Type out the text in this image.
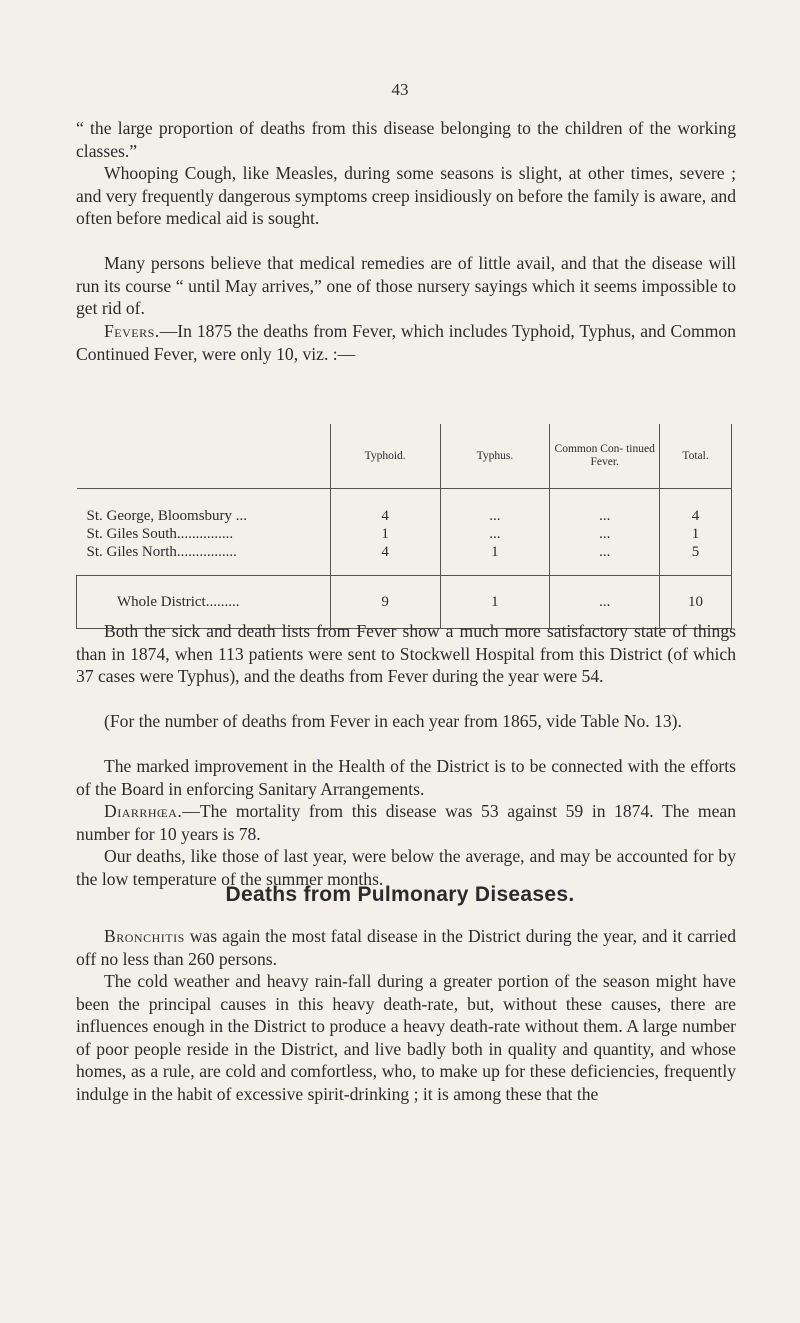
43

“ the large proportion of deaths from this disease belonging to the children of the working classes.”

Whooping Cough, like Measles, during some seasons is slight, at other times, severe ; and very frequently dangerous symptoms creep insidiously on before the family is aware, and often before medical aid is sought.

Many persons believe that medical remedies are of little avail, and that the disease will run its course “ until May arrives,” one of those nursery sayings which it seems impossible to get rid of.

Fevers.—In 1875 the deaths from Fever, which includes Typhoid, Typhus, and Common Continued Fever, were only 10, viz. :—

	Typhoid.	Typhus.	Common Con- tinued Fever.	Total.
St. George, Bloomsbury ...	4	...	...	4
St. Giles South...............	1	...	...	1
St. Giles North................	4	1	...	5
Whole District.........	9	1	...	10

Both the sick and death lists from Fever show a much more satisfactory state of things than in 1874, when 113 patients were sent to Stockwell Hospital from this District (of which 37 cases were Typhus), and the deaths from Fever during the year were 54.

(For the number of deaths from Fever in each year from 1865, vide Table No. 13).

The marked improvement in the Health of the District is to be connected with the efforts of the Board in enforcing Sanitary Arrangements.

Diarrhœa.—The mortality from this disease was 53 against 59 in 1874. The mean number for 10 years is 78.

Our deaths, like those of last year, were below the average, and may be accounted for by the low temperature of the summer months.

Deaths from Pulmonary Diseases.

Bronchitis was again the most fatal disease in the District during the year, and it carried off no less than 260 persons.

The cold weather and heavy rain-fall during a greater portion of the season might have been the principal causes in this heavy death-rate, but, without these causes, there are influences enough in the District to produce a heavy death-rate without them. A large number of poor people reside in the District, and live badly both in quality and quantity, and whose homes, as a rule, are cold and comfortless, who, to make up for these deficiencies, frequently indulge in the habit of excessive spirit-drinking ; it is among these that the
